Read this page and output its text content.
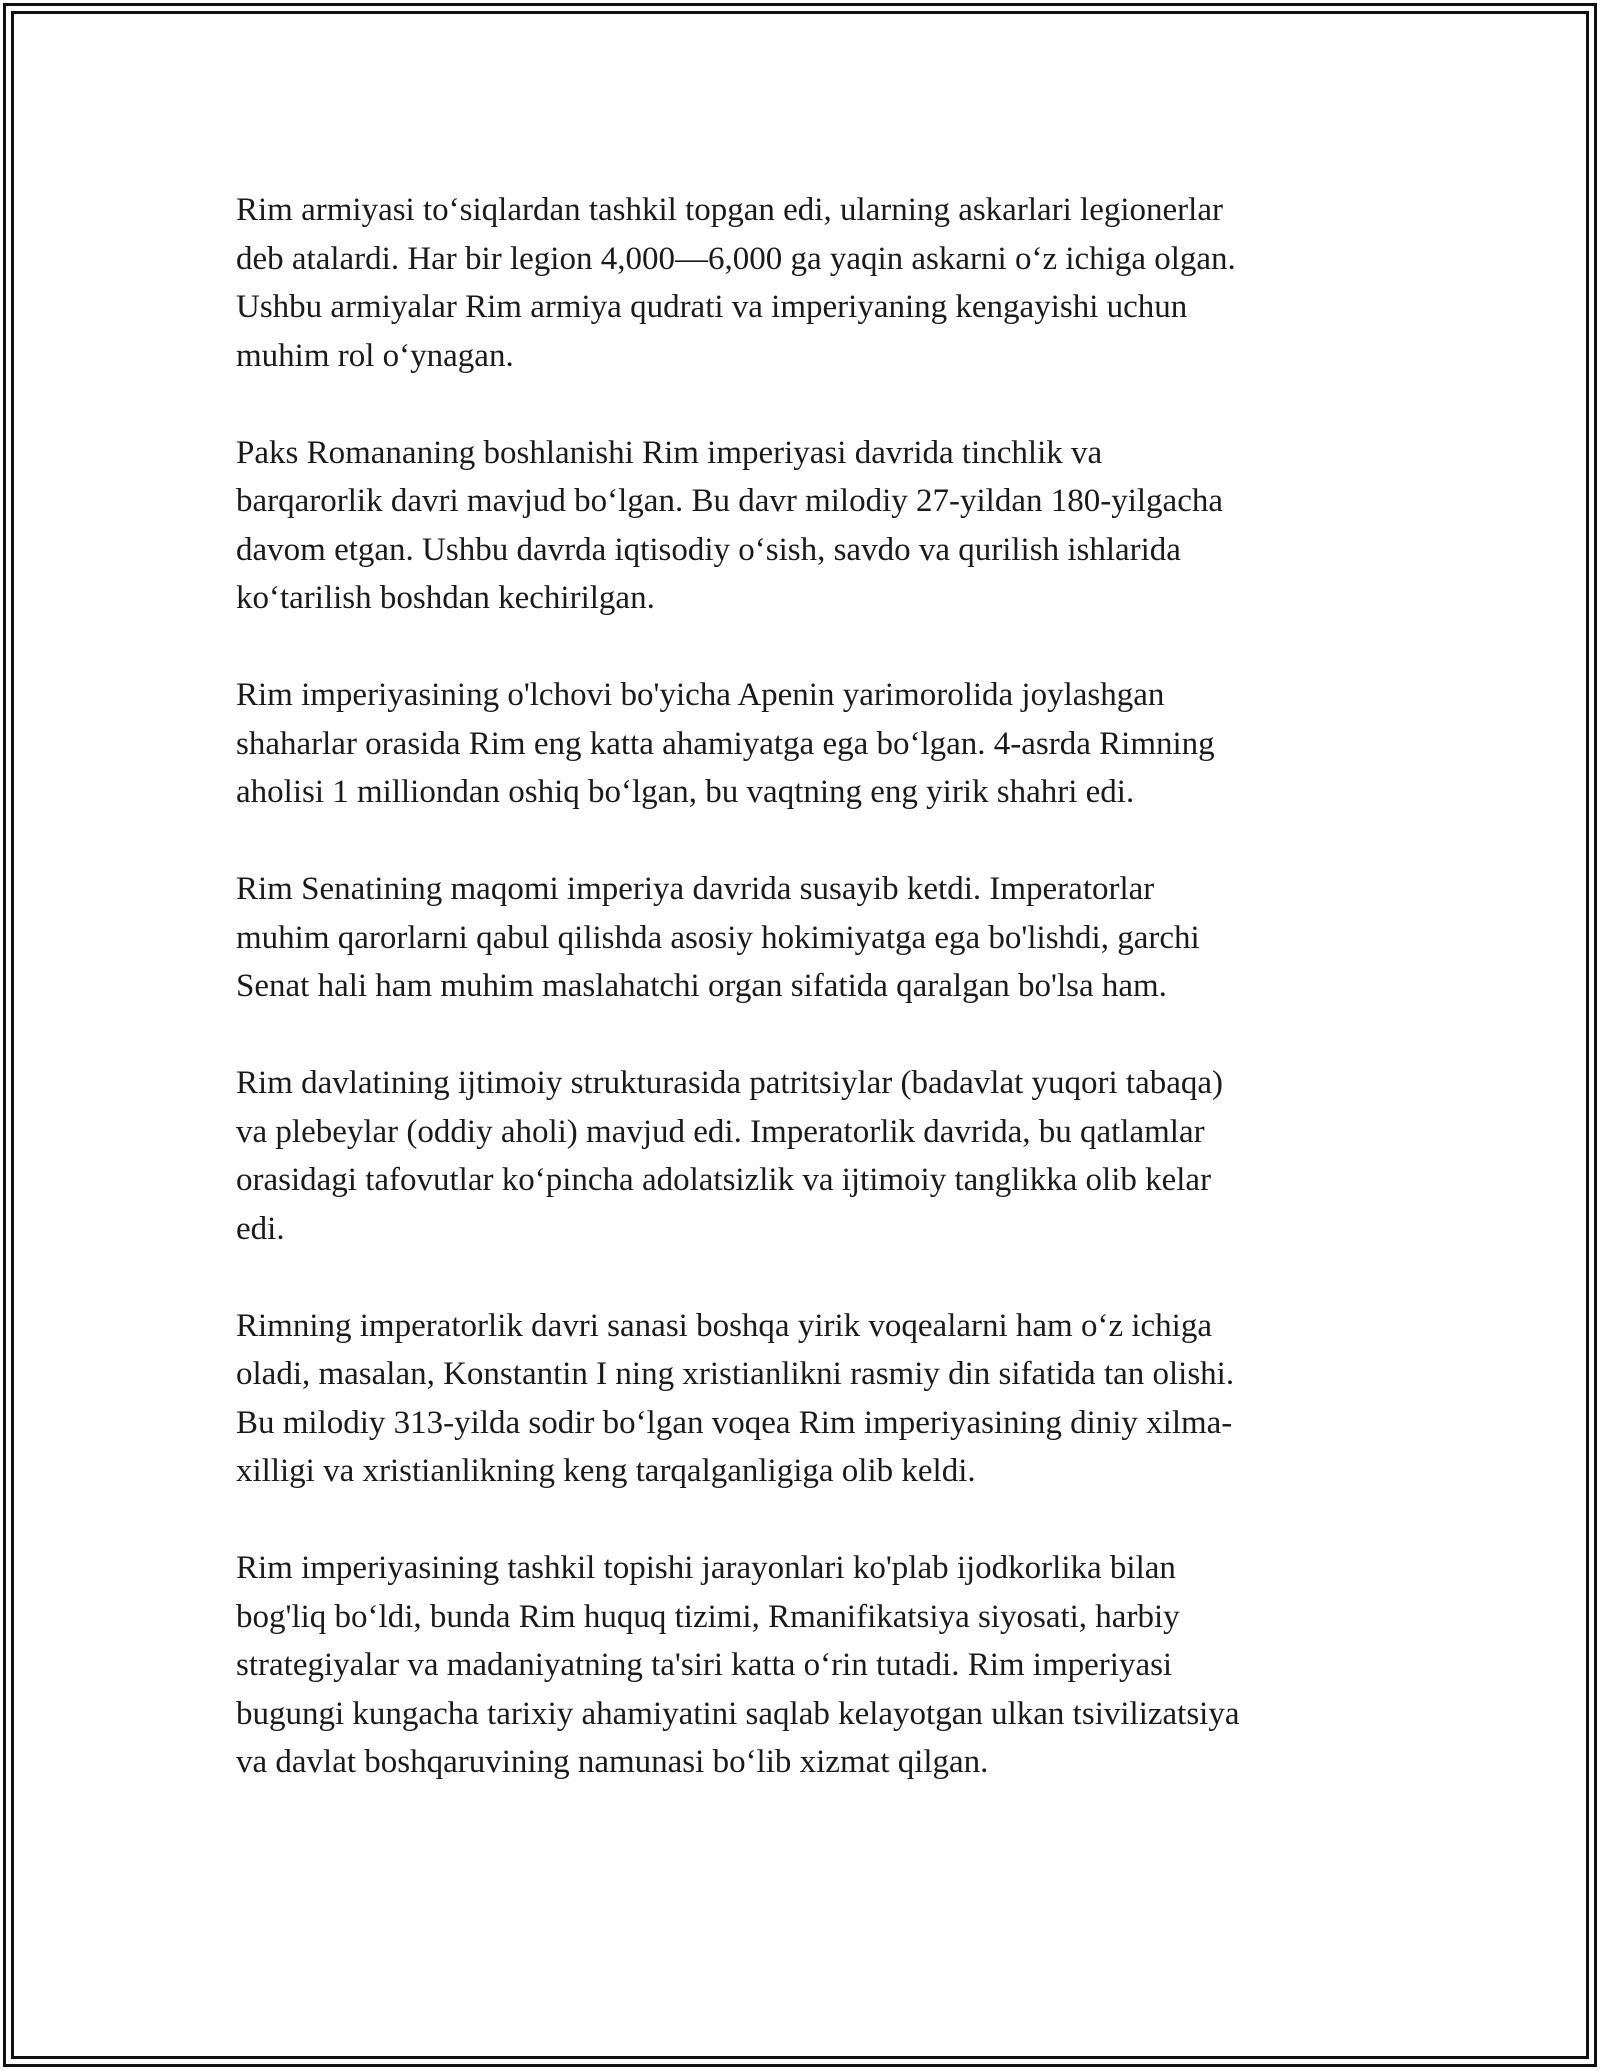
Rim armiyasi to‘siqlardan tashkil topgan edi, ularning askarlari legionerlar
deb atalardi. Har bir legion 4,000—6,000 ga yaqin askarni o‘z ichiga olgan.
Ushbu armiyalar Rim armiya qudrati va imperiyaning kengayishi uchun
muhim rol o‘ynagan.

Paks Romananing boshlanishi Rim imperiyasi davrida tinchlik va
barqarorlik davri mavjud bo‘lgan. Bu davr milodiy 27-yildan 180-yilgacha
davom etgan. Ushbu davrda iqtisodiy o‘sish, savdo va qurilish ishlarida
ko‘tarilish boshdan kechirilgan.

Rim imperiyasining o'lchovi bo'yicha Apenin yarimorolida joylashgan
shaharlar orasida Rim eng katta ahamiyatga ega bo‘lgan. 4-asrda Rimning
aholisi 1 milliondan oshiq bo‘lgan, bu vaqtning eng yirik shahri edi.

Rim Senatining maqomi imperiya davrida susayib ketdi. Imperatorlar
muhim qarorlarni qabul qilishda asosiy hokimiyatga ega bo'lishdi, garchi
Senat hali ham muhim maslahatchi organ sifatida qaralgan bo'lsa ham.

Rim davlatining ijtimoiy strukturasida patritsiylar (badavlat yuqori tabaqa)
va plebeylar (oddiy aholi) mavjud edi. Imperatorlik davrida, bu qatlamlar
orasidagi tafovutlar ko‘pincha adolatsizlik va ijtimoiy tanglikka olib kelar
edi.

Rimning imperatorlik davri sanasi boshqa yirik voqealarni ham o‘z ichiga
oladi, masalan, Konstantin I ning xristianlikni rasmiy din sifatida tan olishi.
Bu milodiy 313-yilda sodir bo‘lgan voqea Rim imperiyasining diniy xilma-
xilligi va xristianlikning keng tarqalganligiga olib keldi.

Rim imperiyasining tashkil topishi jarayonlari ko'plab ijodkorlika bilan
bog'liq bo‘ldi, bunda Rim huquq tizimi, Rmanifikatsiya siyosati, harbiy
strategiyalar va madaniyatning ta'siri katta o‘rin tutadi. Rim imperiyasi
bugungi kungacha tarixiy ahamiyatini saqlab kelayotgan ulkan tsivilizatsiya
va davlat boshqaruvining namunasi bo‘lib xizmat qilgan.
